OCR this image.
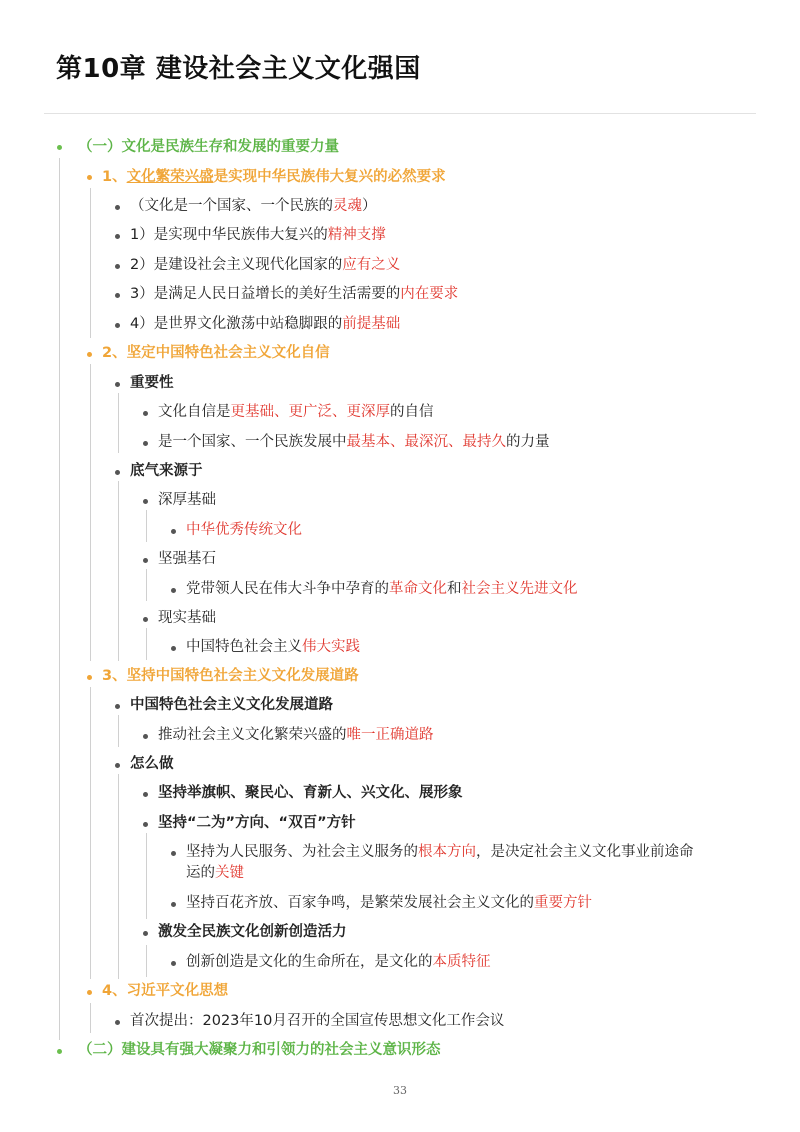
第10章 建设社会主义文化强国
（一）文化是民族生存和发展的重要力量
1、文化繁荣兴盛是实现中华民族伟大复兴的必然要求
（文化是一个国家、一个民族的灵魂）
1）是实现中华民族伟大复兴的精神支撑
2）是建设社会主义现代化国家的应有之义
3）是满足人民日益增长的美好生活需要的内在要求
4）是世界文化激荡中站稳脚跟的前提基础
2、坚定中国特色社会主义文化自信
重要性
文化自信是更基础、更广泛、更深厚的自信
是一个国家、一个民族发展中最基本、最深沉、最持久的力量
底气来源于
深厚基础
中华优秀传统文化
坚强基石
党带领人民在伟大斗争中孕育的革命文化和社会主义先进文化
现实基础
中国特色社会主义伟大实践
3、坚持中国特色社会主义文化发展道路
中国特色社会主义文化发展道路
推动社会主义文化繁荣兴盛的唯一正确道路
怎么做
坚持举旗帜、聚民心、育新人、兴文化、展形象
坚持“二为”方向、“双百”方针
坚持为人民服务、为社会主义服务的根本方向，是决定社会主义文化事业前途命
运的关键
坚持百花齐放、百家争鸣，是繁荣发展社会主义文化的重要方针
激发全民族文化创新创造活力
创新创造是文化的生命所在，是文化的本质特征
4、习近平文化思想
首次提出：2023年10月召开的全国宣传思想文化工作会议
（二）建设具有强大凝聚力和引领力的社会主义意识形态
33
